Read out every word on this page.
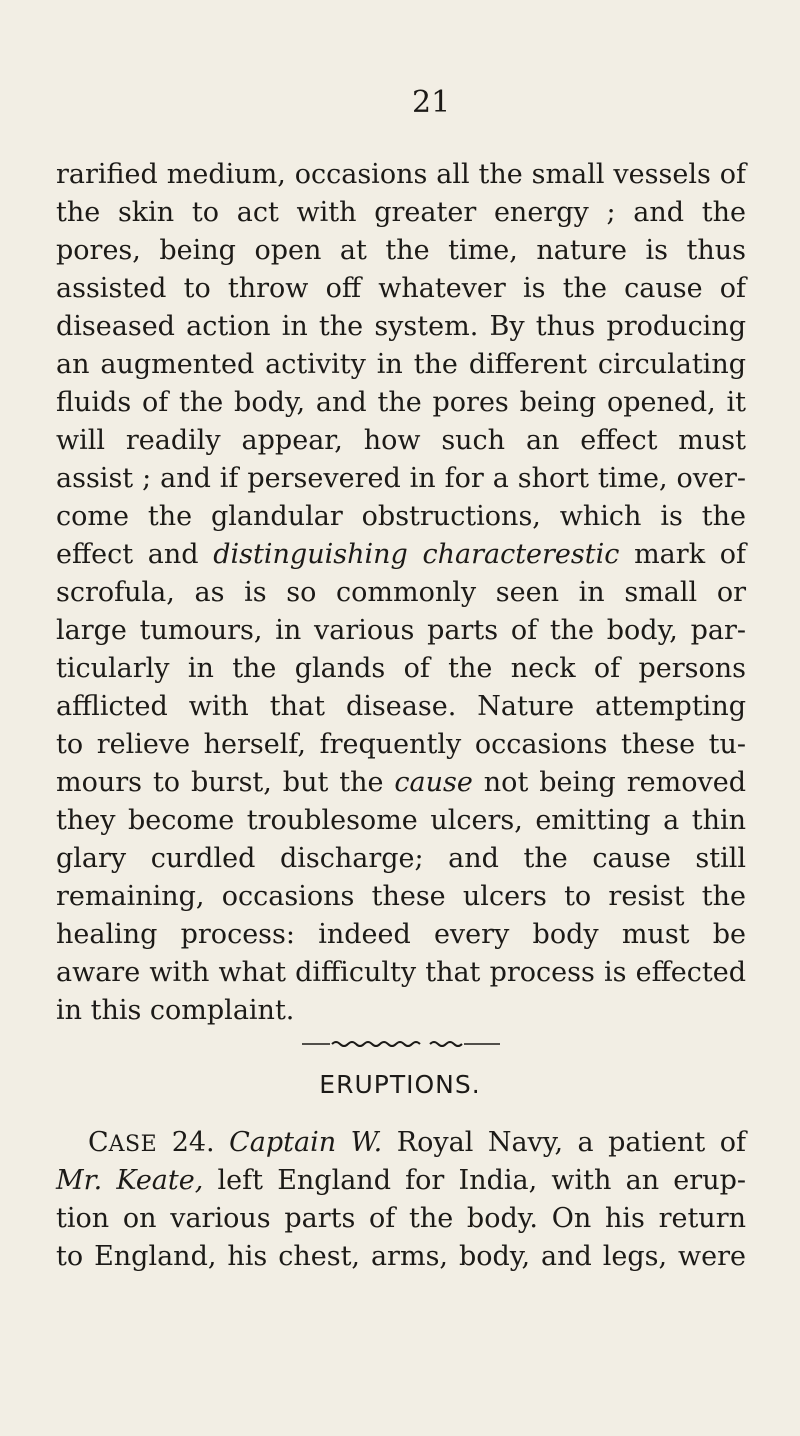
21
rarified medium, occasions all the small vessels of
the skin to act with greater energy ; and the
pores, being open at the time, nature is thus
assisted to throw off whatever is the cause of
diseased action in the system. By thus producing
an augmented activity in the different circulating
fluids of the body, and the pores being opened, it
will readily appear, how such an effect must
assist ; and if persevered in for a short time, over-
come the glandular obstructions, which is the
effect and distinguishing characterestic mark of
scrofula, as is so commonly seen in small or
large tumours, in various parts of the body, par-
ticularly in the glands of the neck of persons
afflicted with that disease. Nature attempting
to relieve herself, frequently occasions these tu-
mours to burst, but the cause not being removed
they become troublesome ulcers, emitting a thin
glary curdled discharge; and the cause still
remaining, occasions these ulcers to resist the
healing process: indeed every body must be
aware with what difficulty that process is effected
in this complaint.
ERUPTIONS.
CASE 24. Captain W. Royal Navy, a patient of
Mr. Keate, left England for India, with an erup-
tion on various parts of the body. On his return
to England, his chest, arms, body, and legs, were
